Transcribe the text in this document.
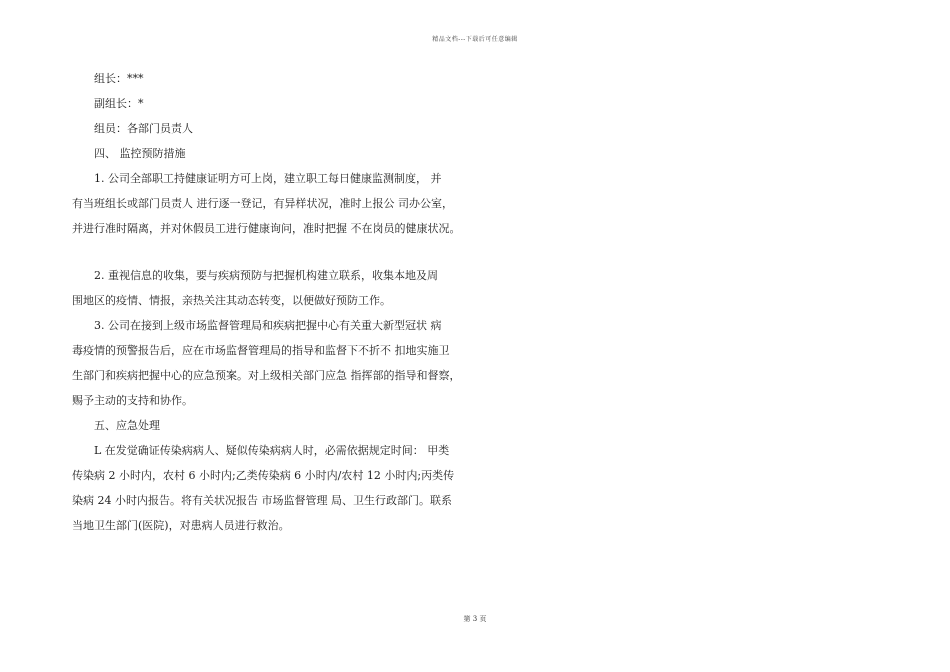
精品文档---下载后可任意编辑
组长：***
副组长：*
组员：各部门员责人
四、 监控预防措施
1. 公司全部职工持健康证明方可上岗，建立职工每日健康监测制度， 并
有当班组长或部门员责人 进行逐一登记，有异样状况，准时上报公 司办公室，
并进行准时隔离，并对休假员工进行健康询问，准时把握 不在岗员的健康状况。
2. 重视信息的收集，要与疾病预防与把握机构建立联系，收集本地及周
围地区的疫情、情报，亲热关注其动态转变，以便做好预防工作。
3. 公司在接到上级市场监督管理局和疾病把握中心有关重大新型冠状 病
毒疫情的预警报告后，应在市场监督管理局的指导和监督下不折不 扣地实施卫
生部门和疾病把握中心的应急预案。对上级相关部门应急 指挥部的指导和督察，
赐予主动的支持和协作。
五、应急处理
L 在发觉确证传染病病人、疑似传染病病人时，必需依据规定时间： 甲类
传染病 2 小时内，农村 6 小时内;乙类传染病 6 小时内/农村 12 小时内;丙类传
染病 24 小时内报告。将有关状况报告 市场监督管理 局、卫生行政部门。联系
当地卫生部门(医院)，对患病人员进行救治。
第 3 页
